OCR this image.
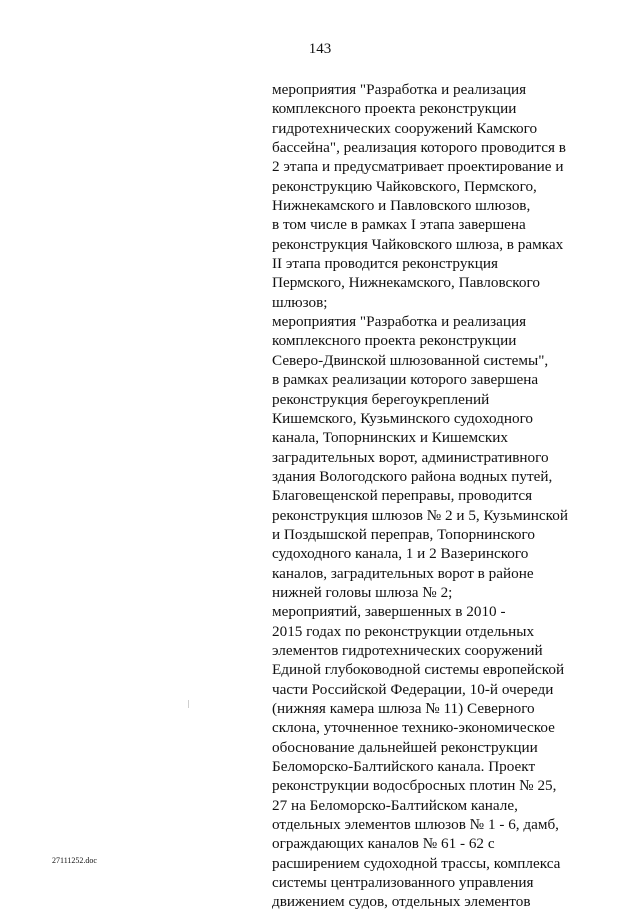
143
мероприятия "Разработка и реализация
комплексного проекта реконструкции
гидротехнических сооружений Камского
бассейна", реализация которого проводится в
2 этапа и предусматривает проектирование и
реконструкцию Чайковского, Пермского,
Нижнекамского и Павловского шлюзов,
в том числе в рамках I этапа завершена
реконструкция Чайковского шлюза, в рамках
II этапа проводится реконструкция
Пермского, Нижнекамского, Павловского
шлюзов;
мероприятия "Разработка и реализация
комплексного проекта реконструкции
Северо-Двинской шлюзованной системы",
в рамках реализации которого завершена
реконструкция берегоукреплений
Кишемского, Кузьминского судоходного
канала, Топорнинских и Кишемских
заградительных ворот, административного
здания Вологодского района водных путей,
Благовещенской переправы, проводится
реконструкция шлюзов № 2 и 5, Кузьминской
и Поздышской переправ, Топорнинского
судоходного канала, 1 и 2 Вазеринского
каналов, заградительных ворот в районе
нижней головы шлюза № 2;
мероприятий, завершенных в 2010 -
2015 годах по реконструкции отдельных
элементов гидротехнических сооружений
Единой глубоководной системы европейской
части Российской Федерации, 10-й очереди
(нижняя камера шлюза № 11) Северного
склона, уточненное технико-экономическое
обоснование дальнейшей реконструкции
Беломорско-Балтийского канала. Проект
реконструкции водосбросных плотин № 25,
27 на Беломорско-Балтийском канале,
отдельных элементов шлюзов № 1 - 6, дамб,
ограждающих каналов № 61 - 62 с
расширением судоходной трассы, комплекса
системы централизованного управления
движением судов, отдельных элементов
27111252.doc
